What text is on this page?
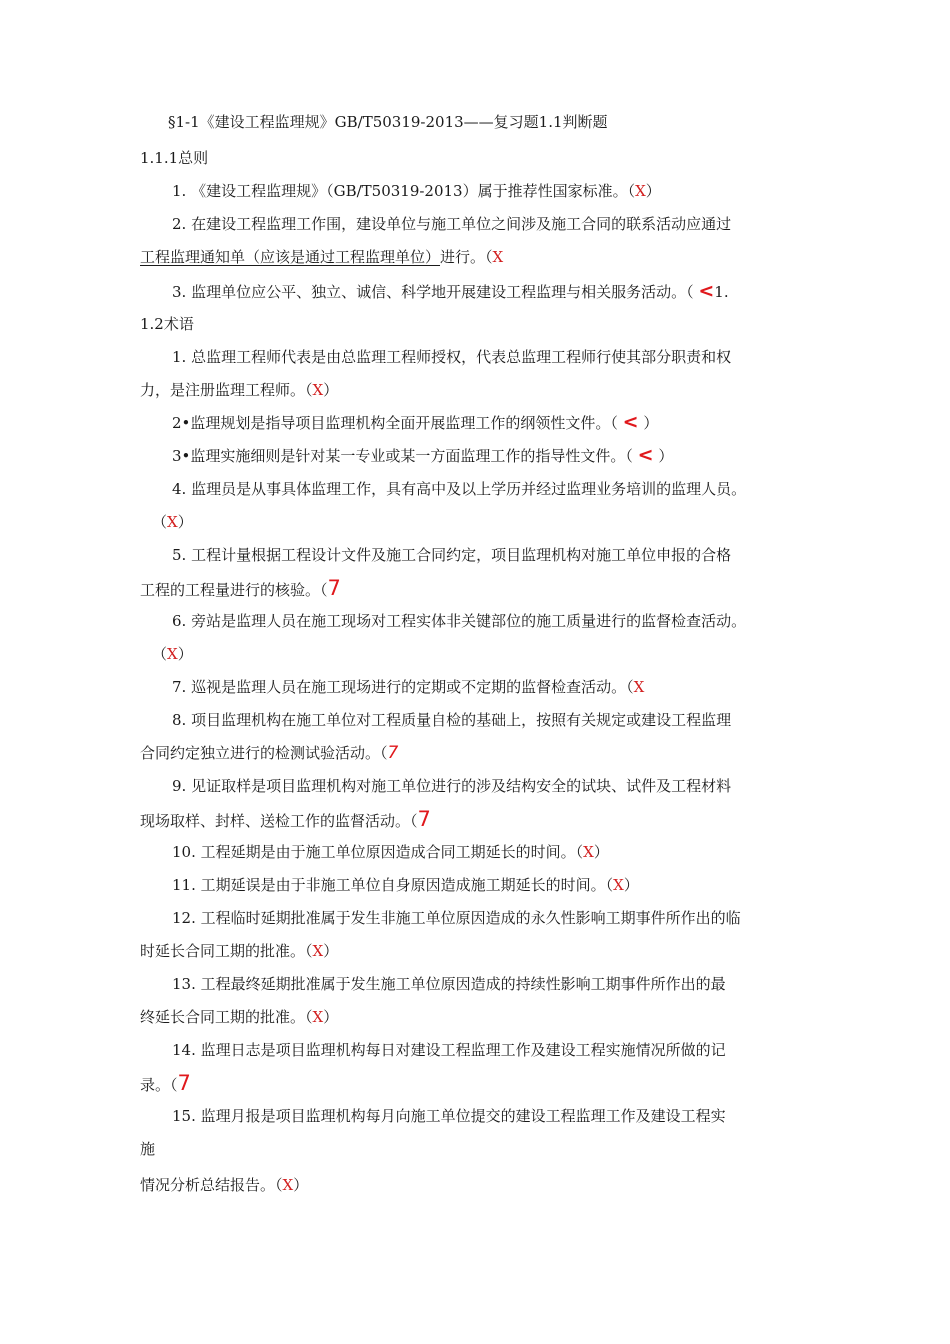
§1-1《建设工程监理规》GB/T50319-2013——复习题1.1判断题
1.1.1总则
1. 《建设工程监理规》（GB/T50319-2013）属于推荐性国家标准。（X）
2. 在建设工程监理工作围，建设单位与施工单位之间涉及施工合同的联系活动应通过
工程监理通知单（应该是通过工程监理单位）进行。（X
3. 监理单位应公平、独立、诚信、科学地开展建设工程监理与相关服务活动。（ <1.
1.2术语
1. 总监理工程师代表是由总监理工程师授权，代表总监理工程师行使其部分职责和权
力，是注册监理工程师。（X）
2•监理规划是指导项目监理机构全面开展监理工作的纲领性文件。（ < ）
3•监理实施细则是针对某一专业或某一方面监理工作的指导性文件。（ < ）
4. 监理员是从事具体监理工作，具有高中及以上学历并经过监理业务培训的监理人员。
（X）
5. 工程计量根据工程设计文件及施工合同约定，项目监理机构对施工单位申报的合格
工程的工程量进行的核验。（7
6. 旁站是监理人员在施工现场对工程实体非关键部位的施工质量进行的监督检查活动。
（X）
7. 巡视是监理人员在施工现场进行的定期或不定期的监督检查活动。（X
8. 项目监理机构在施工单位对工程质量自检的基础上，按照有关规定或建设工程监理
合同约定独立进行的检测试验活动。（7
9. 见证取样是项目监理机构对施工单位进行的涉及结构安全的试块、试件及工程材料
现场取样、封样、送检工作的监督活动。（7
10. 工程延期是由于施工单位原因造成合同工期延长的时间。（X）
11. 工期延误是由于非施工单位自身原因造成施工期延长的时间。（X）
12. 工程临时延期批准属于发生非施工单位原因造成的永久性影响工期事件所作出的临
时延长合同工期的批准。（X）
13. 工程最终延期批准属于发生施工单位原因造成的持续性影响工期事件所作出的最
终延长合同工期的批准。（X）
14. 监理日志是项目监理机构每日对建设工程监理工作及建设工程实施情况所做的记
录。（7
15. 监理月报是项目监理机构每月向施工单位提交的建设工程监理工作及建设工程实
施
情况分析总结报告。（X）
